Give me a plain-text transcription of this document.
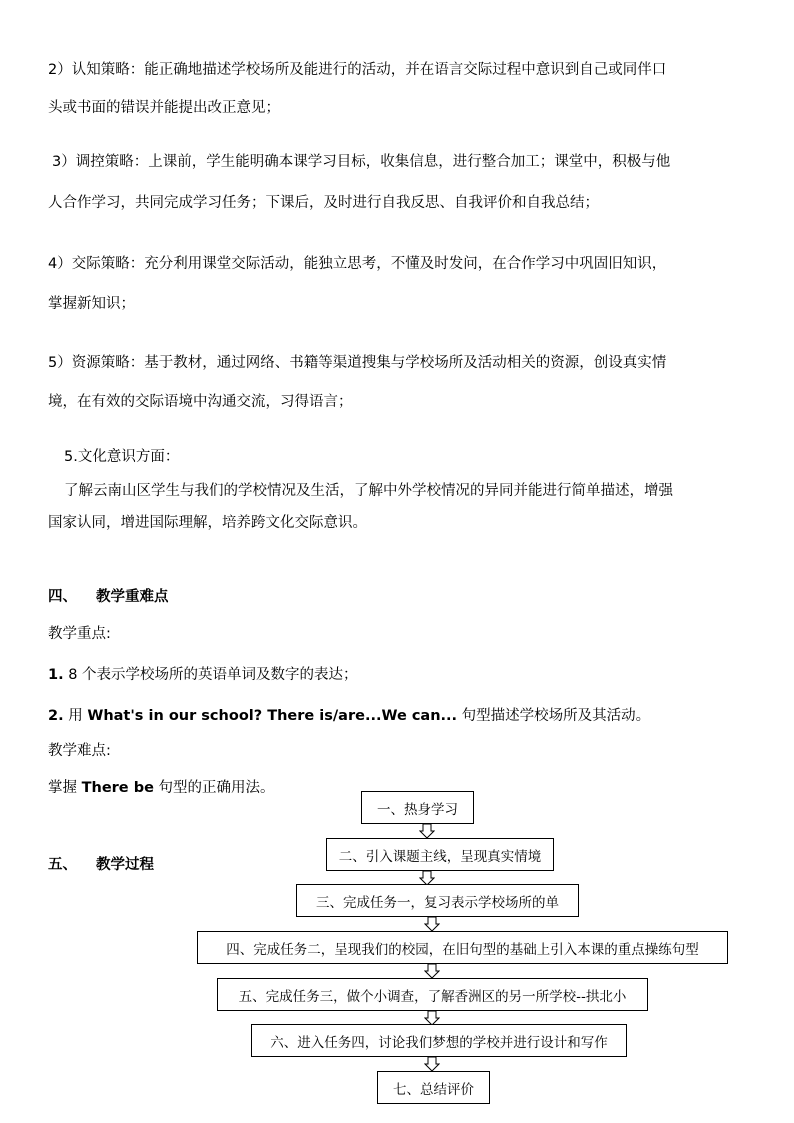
2）认知策略：能正确地描述学校场所及能进行的活动，并在语言交际过程中意识到自己或同伴口
头或书面的错误并能提出改正意见；
3）调控策略：上课前，学生能明确本课学习目标，收集信息，进行整合加工；课堂中，积极与他
人合作学习，共同完成学习任务；下课后，及时进行自我反思、自我评价和自我总结；
4）交际策略：充分利用课堂交际活动，能独立思考，不懂及时发问，在合作学习中巩固旧知识，
掌握新知识；
5）资源策略：基于教材，通过网络、书籍等渠道搜集与学校场所及活动相关的资源，创设真实情
境，在有效的交际语境中沟通交流，习得语言；
5.文化意识方面：
了解云南山区学生与我们的学校情况及生活，了解中外学校情况的异同并能进行简单描述，增强
国家认同，增进国际理解，培养跨文化交际意识。
四、 教学重难点
教学重点:
1. 8 个表示学校场所的英语单词及数字的表达；
2. 用 What's in our school? There is/are...We can... 句型描述学校场所及其活动。
教学难点:
掌握 There be 句型的正确用法。
五、 教学过程
一、热身学习
二、引入课题主线，呈现真实情境
三、完成任务一，复习表示学校场所的单
四、完成任务二，呈现我们的校园，在旧句型的基础上引入本课的重点操练句型
五、完成任务三，做个小调查，了解香洲区的另一所学校--拱北小
六、进入任务四，讨论我们梦想的学校并进行设计和写作
七、总结评价
